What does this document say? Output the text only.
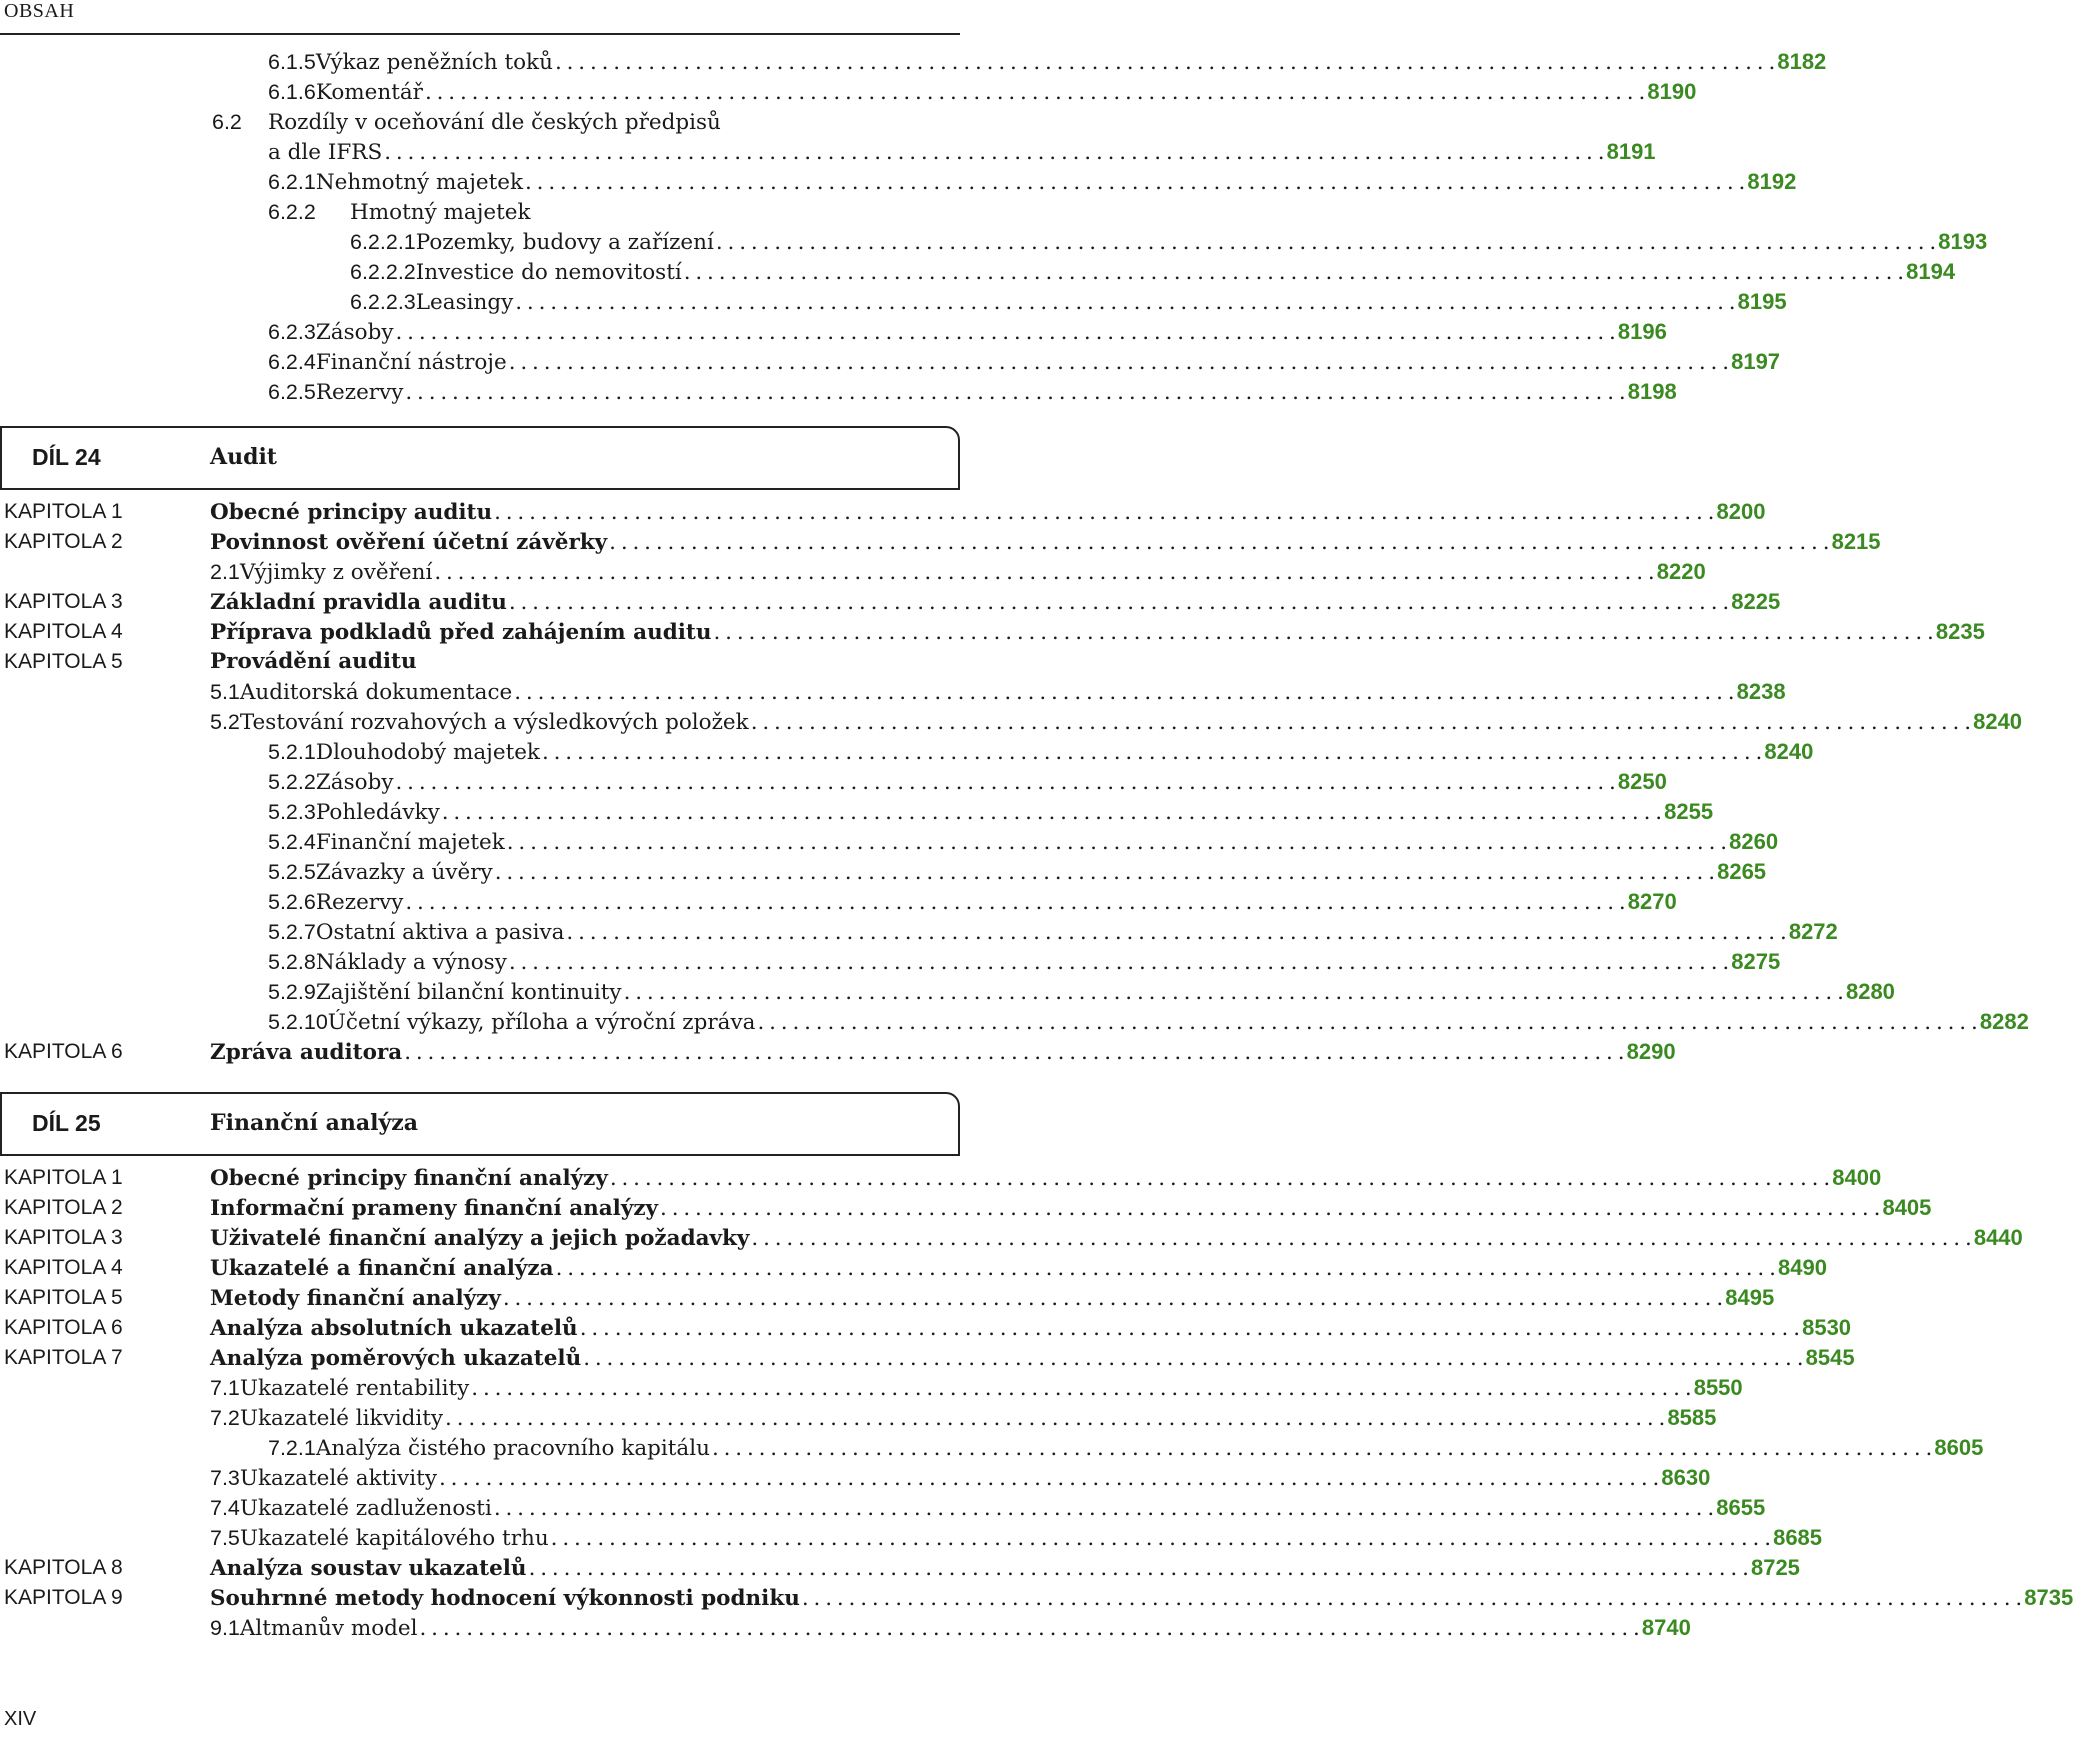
OBSAH
6.1.5 Výkaz peněžních toků . . .	8182
6.1.6 Komentář . . .	8190
6.2	Rozdíly v oceňování dle českých předpisů
a dle IFRS . . .	8191
6.2.1 Nehmotný majetek . . .	8192
6.2.2	Hmotný majetek
6.2.2.1 Pozemky, budovy a zařízení . . .	8193
6.2.2.2 Investice do nemovitostí . . .	8194
6.2.2.3 Leasingy . . .	8195
6.2.3 Zásoby . . .	8196
6.2.4 Finanční nástroje . . .	8197
6.2.5 Rezervy . . .	8198
DÍL 24	Audit
KAPITOLA 1	Obecné principy auditu . . .	8200
KAPITOLA 2	Povinnost ověření účetní závěrky . . .	8215
2.1 Výjimky z ověření . . .	8220
KAPITOLA 3	Základní pravidla auditu . . .	8225
KAPITOLA 4	Příprava podkladů před zahájením auditu . . .	8235
KAPITOLA 5	Provádění auditu
5.1 Auditorská dokumentace . . .	8238
5.2 Testování rozvahových a výsledkových položek . . .	8240
5.2.1 Dlouhodobý majetek . . .	8240
5.2.2 Zásoby . . .	8250
5.2.3 Pohledávky . . .	8255
5.2.4 Finanční majetek . . .	8260
5.2.5 Závazky a úvěry . . .	8265
5.2.6 Rezervy . . .	8270
5.2.7 Ostatní aktiva a pasiva . . .	8272
5.2.8 Náklady a výnosy . . .	8275
5.2.9 Zajištění bilanční kontinuity . . .	8280
5.2.10 Účetní výkazy, příloha a výroční zpráva . . .	8282
KAPITOLA 6	Zpráva auditora . . .	8290
DÍL 25	Finanční analýza
KAPITOLA 1	Obecné principy finanční analýzy . . .	8400
KAPITOLA 2	Informační prameny finanční analýzy . . .	8405
KAPITOLA 3	Uživatelé finanční analýzy a jejich požadavky . . .	8440
KAPITOLA 4	Ukazatelé a finanční analýza . . .	8490
KAPITOLA 5	Metody finanční analýzy . . .	8495
KAPITOLA 6	Analýza absolutních ukazatelů . . .	8530
KAPITOLA 7	Analýza poměrových ukazatelů . . .	8545
7.1 Ukazatelé rentability . . .	8550
7.2 Ukazatelé likvidity . . .	8585
7.2.1 Analýza čistého pracovního kapitálu . . .	8605
7.3 Ukazatelé aktivity . . .	8630
7.4 Ukazatelé zadluženosti . . .	8655
7.5 Ukazatelé kapitálového trhu . . .	8685
KAPITOLA 8	Analýza soustav ukazatelů . . .	8725
KAPITOLA 9	Souhrnné metody hodnocení výkonnosti podniku . . .	8735
9.1 Altmanův model . . .	8740
XIV
